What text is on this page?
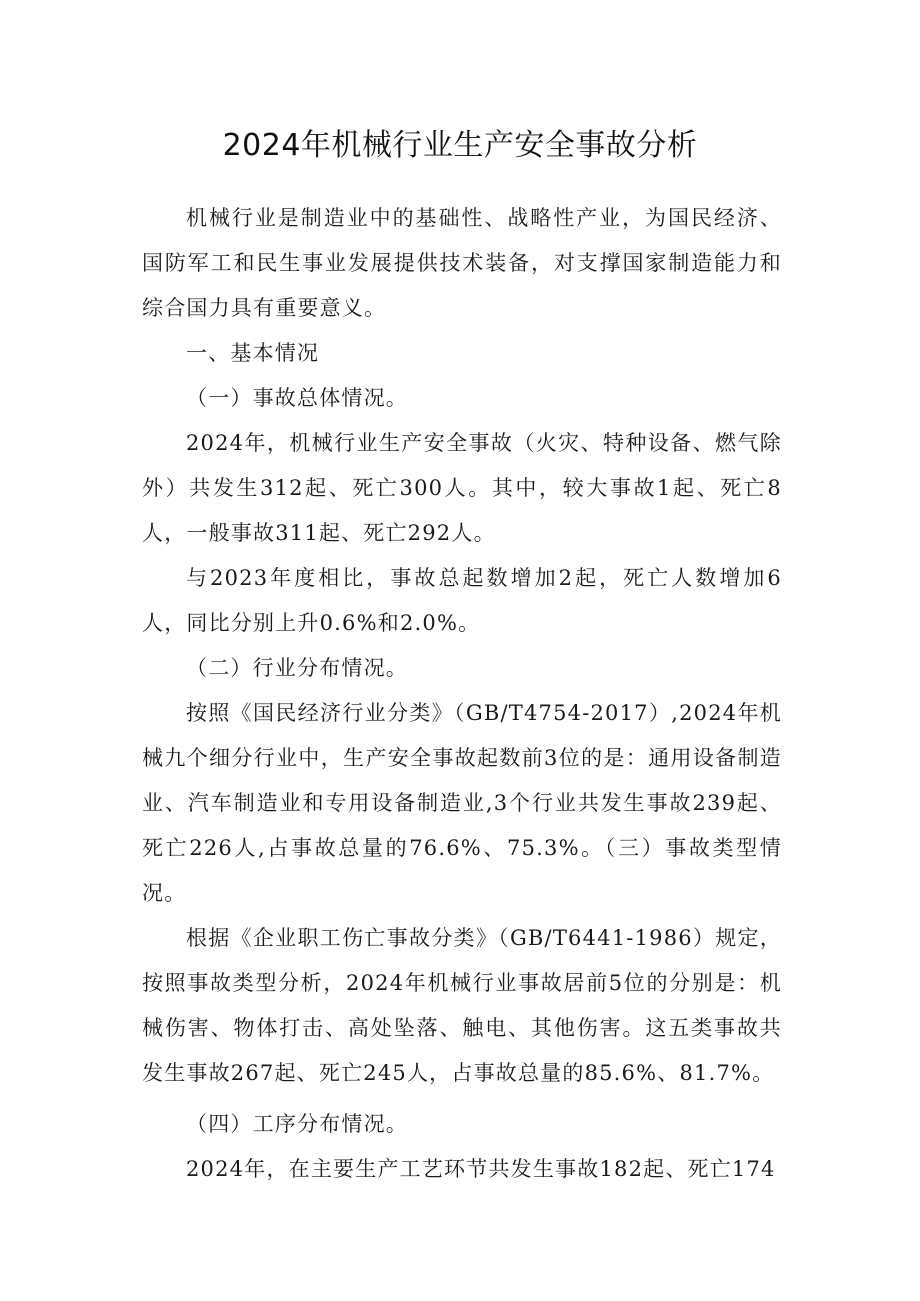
2024年机械行业生产安全事故分析

机械行业是制造业中的基础性、战略性产业，为国民经济、国防军工和民生事业发展提供技术装备，对支撑国家制造能力和综合国力具有重要意义。

一、基本情况

（一）事故总体情况。

2024年，机械行业生产安全事故（火灾、特种设备、燃气除外）共发生312起、死亡300人。其中，较大事故1起、死亡8人，一般事故311起、死亡292人。

与2023年度相比，事故总起数增加2起，死亡人数增加6人，同比分别上升0.6%和2.0%。

（二）行业分布情况。

按照《国民经济行业分类》（GB/T4754-2017）,2024年机械九个细分行业中，生产安全事故起数前3位的是：通用设备制造业、汽车制造业和专用设备制造业,3个行业共发生事故239起、死亡226人,占事故总量的76.6%、75.3%。（三）事故类型情况。

根据《企业职工伤亡事故分类》（GB/T6441-1986）规定，按照事故类型分析，2024年机械行业事故居前5位的分别是：机械伤害、物体打击、高处坠落、触电、其他伤害。这五类事故共发生事故267起、死亡245人，占事故总量的85.6%、81.7%。

（四）工序分布情况。

2024年，在主要生产工艺环节共发生事故182起、死亡174
